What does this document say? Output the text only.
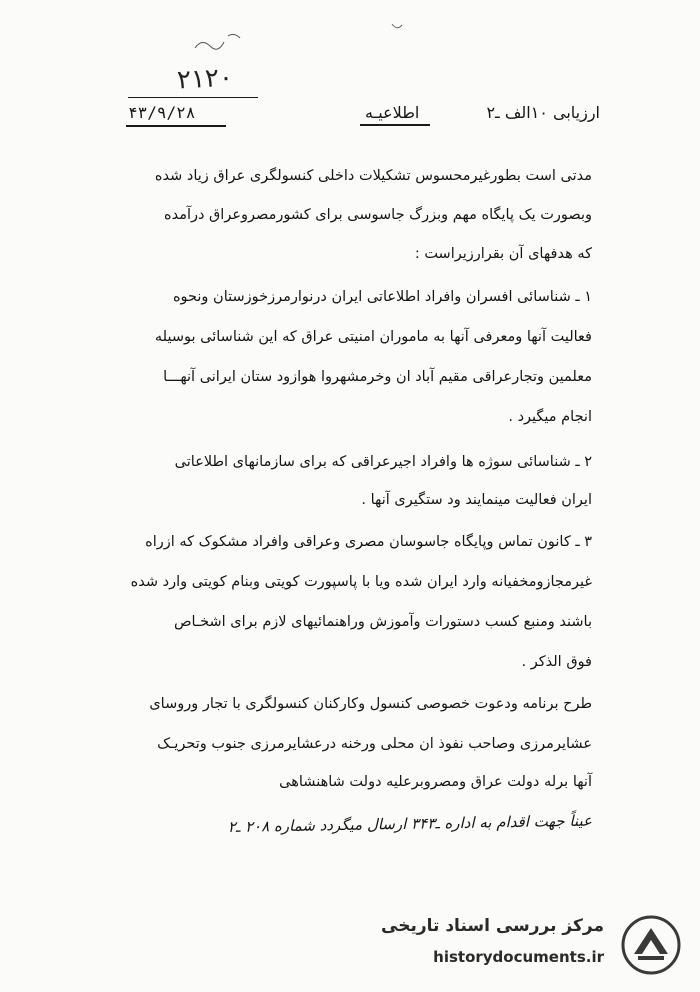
۲۱۲۰
ارزیابی ۱۰الف ـ۲
اطلاعیـه
۴۳/۹/۲۸
مدتی است بطورغیرمحسوس تشکیلات داخلی کنسولگری عراق زیاد شده
وبصورت یک پایگاه مهم وبزرگ جاسوسی برای کشورمصروعراق درآمده
که هدفهای آن بقرارزیراست :
۱ ـ شناسائی افسران وافراد اطلاعاتی ایران درنوارمرزخوزستان ونحوه
فعالیت آنها ومعرفی آنها به ماموران امنیتی عراق که این شناسائی بوسیله
معلمین وتجارعراقی مقیم آباد ان وخرمشهروا هوازود ستان ایرانی آنهـــا
انجام میگیرد .
۲ ـ شناسائی سوژه ها وافراد اجیرعراقی که برای سازمانهای اطلاعاتی
ایران فعالیت مینمایند ود ستگیری آنها .
۳ ـ کانون تماس وپایگاه جاسوسان مصری وعراقی وافراد مشکوک که ازراه
غیرمجازومخفیانه وارد ایران شده ویا با پاسپورت کویتی وبنام کویتی وارد شده
باشند ومنبع کسب دستورات وآموزش وراهنمائیهای لازم برای اشخـاص
فوق الذکر .
طرح برنامه ودعوت خصوصی کنسول وکارکنان کنسولگری با تجار وروسای
عشایرمرزی وصاحب نفوذ ان محلی ورخنه درعشایرمرزی جنوب وتحریـک
آنها برله دولت عراق ومصروبرعلیه دولت شاهنشاهی
عیناً جهت اقدام به اداره ـ۳۴۳ ارسال میگردد شماره ۲۰۸ ـ۲
مرکز بررسی اسناد تاریخی
historydocuments.ir
